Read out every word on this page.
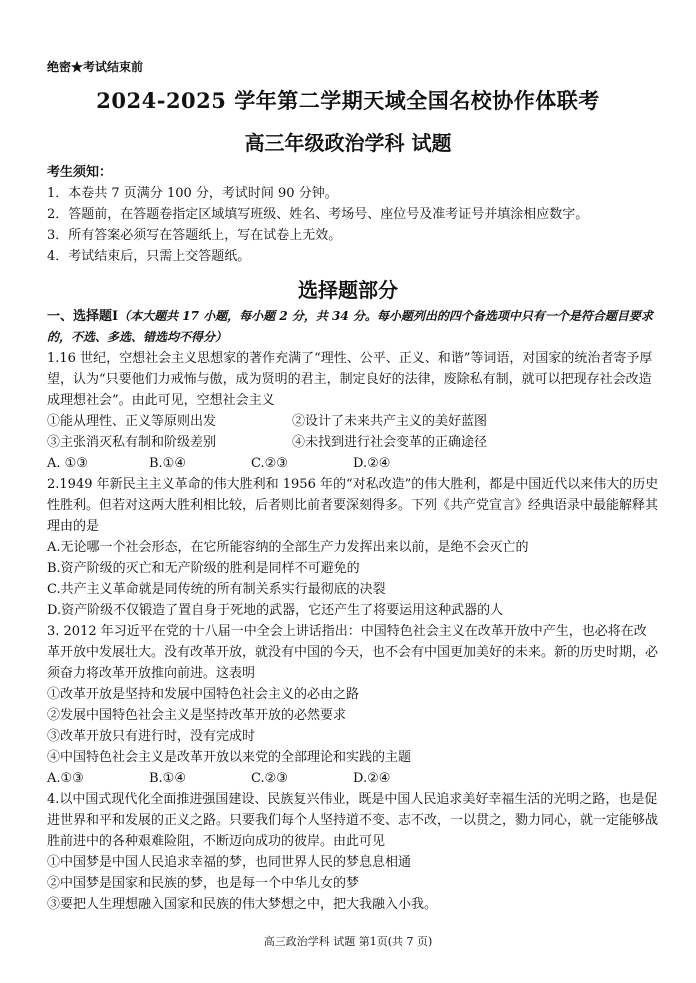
绝密★考试结束前
2024-2025 学年第二学期天域全国名校协作体联考
高三年级政治学科 试题
考生须知：
1．本卷共 7 页满分 100 分，考试时间 90 分钟。
2．答题前，在答题卷指定区域填写班级、姓名、考场号、座位号及准考证号并填涂相应数字。
3．所有答案必须写在答题纸上，写在试卷上无效。
4．考试结束后，只需上交答题纸。
选择题部分

一、选择题Ⅰ（本大题共 17 小题，每小题 2 分，共 34 分。每小题列出的四个备选项中只有一个是符合题目要求的，不选、多选、错选均不得分）

1.16 世纪，空想社会主义思想家的著作充满了“理性、公平、正义、和谐”等词语，对国家的统治者寄予厚望，认为“只要他们力戒怖与傲，成为贤明的君主，制定良好的法律，废除私有制，就可以把现存社会改造成理想社会”。由此可见，空想社会主义

①能从理性、正义等原则出发	②设计了未来共产主义的美好蓝图
③主张消灭私有制和阶级差别	④未找到进行社会变革的正确途径
A. ①③	B.①④	C.②③	D.②④

2.1949 年新民主主义革命的伟大胜利和 1956 年的“对私改造”的伟大胜利，都是中国近代以来伟大的历史性胜利。但若对这两大胜利相比较，后者则比前者要深刻得多。下列《共产党宣言》经典语录中最能解释其理由的是

A.无论哪一个社会形态，在它所能容纳的全部生产力发挥出来以前，是绝不会灭亡的

B.资产阶级的灭亡和无产阶级的胜利是同样不可避免的

C.共产主义革命就是同传统的所有制关系实行最彻底的决裂

D.资产阶级不仅锻造了置自身于死地的武器，它还产生了将要运用这种武器的人

3. 2012 年习近平在党的十八届一中全会上讲话指出：中国特色社会主义在改革开放中产生，也必将在改革开放中发展壮大。没有改革开放，就没有中国的今天，也不会有中国更加美好的未来。新的历史时期，必须奋力将改革开放推向前进。这表明

①改革开放是坚持和发展中国特色社会主义的必由之路

②发展中国特色社会主义是坚持改革开放的必然要求

③改革开放只有进行时，没有完成时

④中国特色社会主义是改革开放以来党的全部理论和实践的主题

A.①③	B.①④	C.②③	D.②④

4.以中国式现代化全面推进强国建设、民族复兴伟业，既是中国人民追求美好幸福生活的光明之路，也是促进世界和平和发展的正义之路。只要我们每个人坚持道不变、志不改，一以贯之，勠力同心，就一定能够战胜前进中的各种艰难险阻，不断迈向成功的彼岸。由此可见

①中国梦是中国人民追求幸福的梦，也同世界人民的梦息息相通

②中国梦是国家和民族的梦，也是每一个中华儿女的梦

③要把人生理想融入国家和民族的伟大梦想之中，把大我融入小我。

高三政治学科 试题 第1页(共 7 页)
